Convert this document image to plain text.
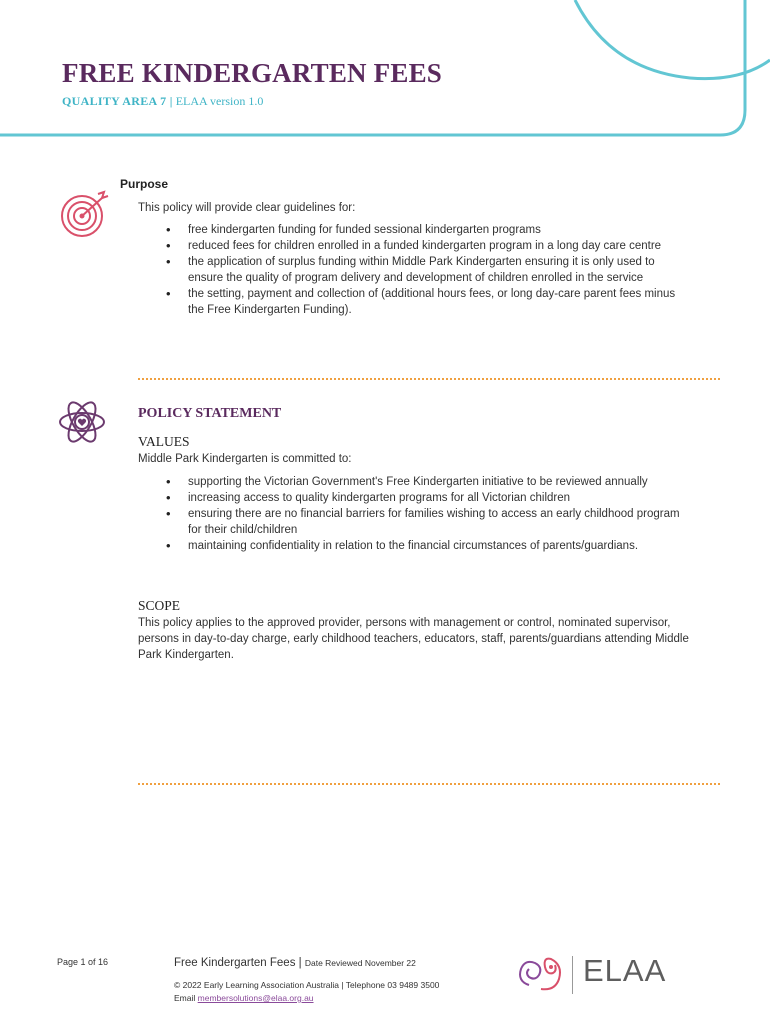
FREE KINDERGARTEN FEES
QUALITY AREA 7 | ELAA version 1.0
Purpose
This policy will provide clear guidelines for:
• free kindergarten funding for funded sessional kindergarten programs
• reduced fees for children enrolled in a funded kindergarten program in a long day care centre
• the application of surplus funding within Middle Park Kindergarten ensuring it is only used to ensure the quality of program delivery and development of children enrolled in the service
• the setting, payment and collection of (additional hours fees, or long day-care parent fees minus the Free Kindergarten Funding).
POLICY STATEMENT
VALUES
Middle Park Kindergarten is committed to:
• supporting the Victorian Government's Free Kindergarten initiative to be reviewed annually
• increasing access to quality kindergarten programs for all Victorian children
• ensuring there are no financial barriers for families wishing to access an early childhood program for their child/children
• maintaining confidentiality in relation to the financial circumstances of parents/guardians.
SCOPE
This policy applies to the approved provider, persons with management or control, nominated supervisor, persons in day-to-day charge, early childhood teachers, educators, staff, parents/guardians attending Middle Park Kindergarten.
Page 1 of 16	Free Kindergarten Fees | Date Reviewed November 22
© 2022 Early Learning Association Australia | Telephone 03 9489 3500
Email membersolutions@elaa.org.au
ELAA
